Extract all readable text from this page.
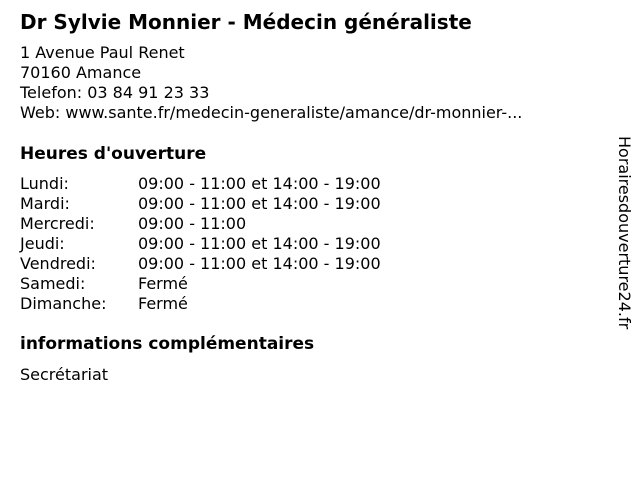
Dr Sylvie Monnier - Médecin généraliste
1 Avenue Paul Renet
70160 Amance
Telefon: 03 84 91 23 33
Web: www.sante.fr/medecin-generaliste/amance/dr-monnier-...
Heures d'ouverture
Lundi:	09:00 - 11:00 et 14:00 - 19:00
Mardi:	09:00 - 11:00 et 14:00 - 19:00
Mercredi:	09:00 - 11:00
Jeudi:	09:00 - 11:00 et 14:00 - 19:00
Vendredi:	09:00 - 11:00 et 14:00 - 19:00
Samedi:	Fermé
Dimanche: Fermé
informations complémentaires
Secrétariat
Horairesdouverture24.fr
